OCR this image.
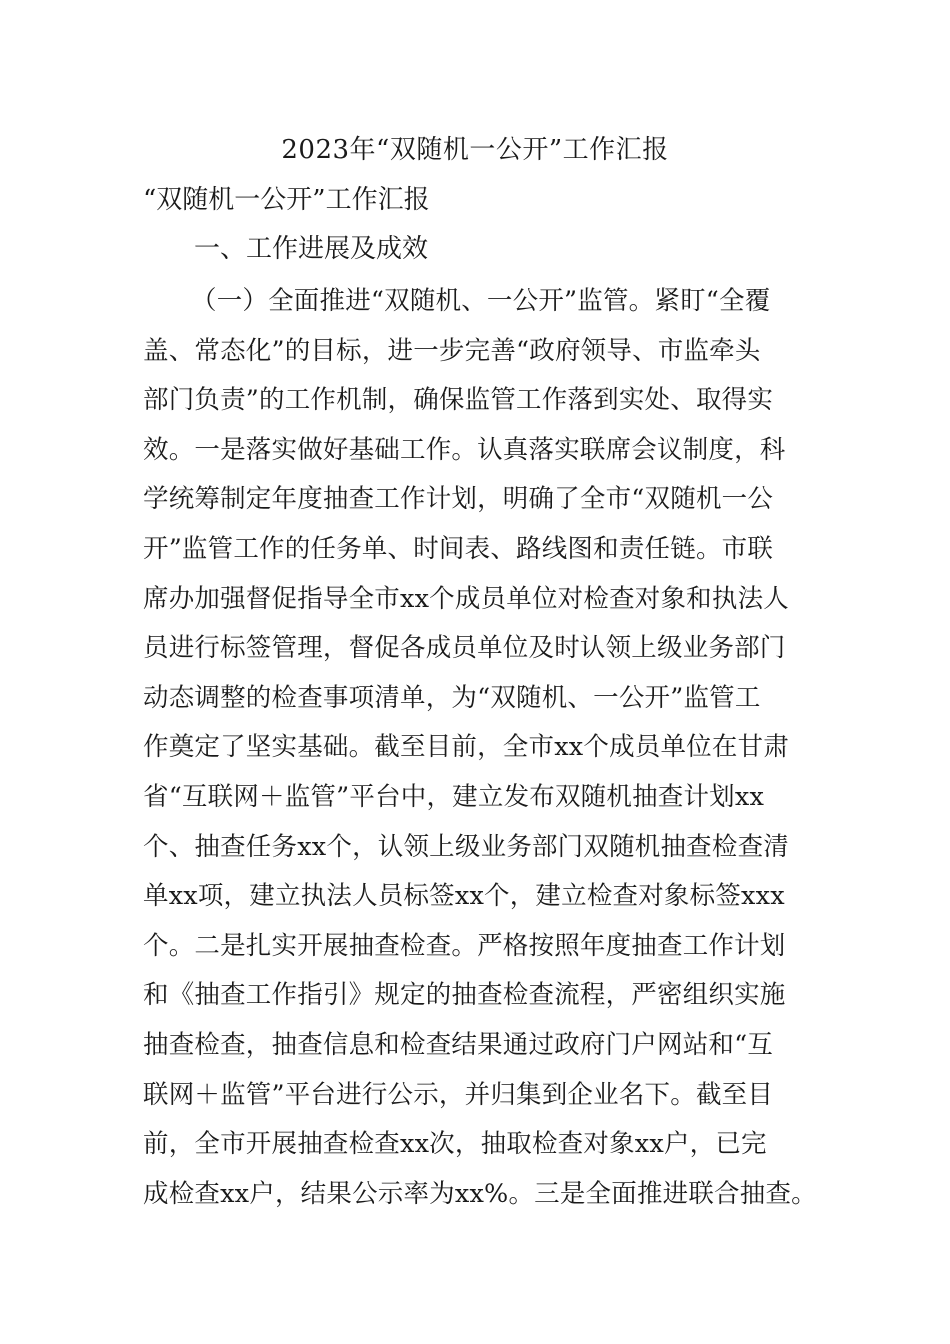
2023年“双随机一公开”工作汇报
“双随机一公开”工作汇报
一、工作进展及成效
（一）全面推进“双随机、一公开”监管。紧盯“全覆
盖、常态化”的目标，进一步完善“政府领导、市监牵头
部门负责”的工作机制，确保监管工作落到实处、取得实
效。一是落实做好基础工作。认真落实联席会议制度，科
学统筹制定年度抽查工作计划，明确了全市“双随机一公
开”监管工作的任务单、时间表、路线图和责任链。市联
席办加强督促指导全市xx个成员单位对检查对象和执法人
员进行标签管理，督促各成员单位及时认领上级业务部门
动态调整的检查事项清单，为“双随机、一公开”监管工
作奠定了坚实基础。截至目前，全市xx个成员单位在甘肃
省“互联网＋监管”平台中，建立发布双随机抽查计划xx
个、抽查任务xx个，认领上级业务部门双随机抽查检查清
单xx项，建立执法人员标签xx个，建立检查对象标签xxx
个。二是扎实开展抽查检查。严格按照年度抽查工作计划
和《抽查工作指引》规定的抽查检查流程，严密组织实施
抽查检查，抽查信息和检查结果通过政府门户网站和“互
联网＋监管”平台进行公示，并归集到企业名下。截至目
前，全市开展抽查检查xx次，抽取检查对象xx户，已完
成检查xx户，结果公示率为xx%。三是全面推进联合抽查。
